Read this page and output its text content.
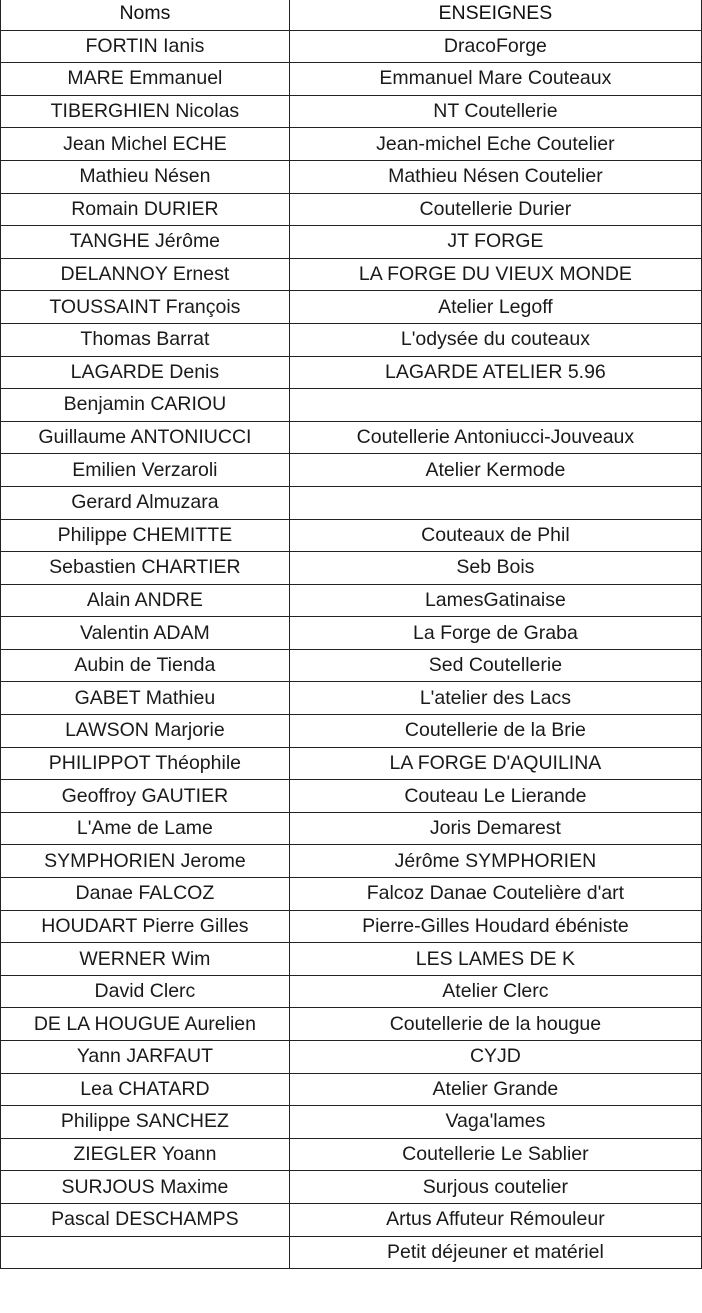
Noms	ENSEIGNES
FORTIN Ianis	DracoForge
MARE Emmanuel	Emmanuel Mare Couteaux
TIBERGHIEN Nicolas	NT Coutellerie
Jean Michel ECHE	Jean-michel Eche Coutelier
Mathieu Nésen	Mathieu Nésen Coutelier
Romain DURIER	Coutellerie Durier
TANGHE Jérôme	JT FORGE
DELANNOY Ernest	LA FORGE DU VIEUX MONDE
TOUSSAINT François	Atelier Legoff
Thomas Barrat	L'odysée du couteaux
LAGARDE Denis	LAGARDE ATELIER 5.96
Benjamin CARIOU	
Guillaume ANTONIUCCI	Coutellerie Antoniucci-Jouveaux
Emilien Verzaroli	Atelier Kermode
Gerard Almuzara	
Philippe CHEMITTE	Couteaux de Phil
Sebastien CHARTIER	Seb Bois
Alain ANDRE	LamesGatinaise
Valentin ADAM	La Forge de Graba
Aubin de Tienda	Sed Coutellerie
GABET Mathieu	L'atelier des Lacs
LAWSON Marjorie	Coutellerie de la Brie
PHILIPPOT Théophile	LA FORGE D'AQUILINA
Geoffroy GAUTIER	Couteau Le Lierande
L'Ame de Lame	Joris Demarest
SYMPHORIEN Jerome	Jérôme SYMPHORIEN
Danae FALCOZ	Falcoz Danae Coutelière d'art
HOUDART Pierre Gilles	Pierre-Gilles Houdard ébéniste
WERNER Wim	LES LAMES DE K
David Clerc	Atelier Clerc
DE LA HOUGUE Aurelien	Coutellerie de la hougue
Yann JARFAUT	CYJD
Lea CHATARD	Atelier Grande
Philippe SANCHEZ	Vaga'lames
ZIEGLER Yoann	Coutellerie Le Sablier
SURJOUS Maxime	Surjous coutelier
Pascal DESCHAMPS	Artus Affuteur Rémouleur
	Petit déjeuner et matériel
